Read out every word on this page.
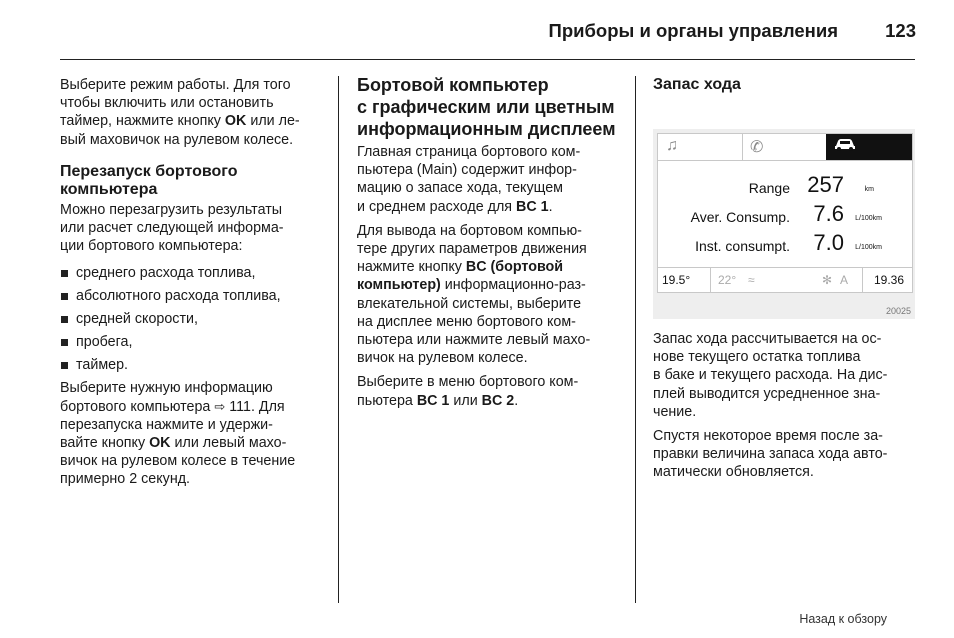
Приборы и органы управления	123

Выберите режим работы. Для того
чтобы включить или остановить
таймер, нажмите кнопку OK или ле-
вый маховичок на рулевом колесе.

Перезапуск бортового
компьютера

Можно перезагрузить результаты
или расчет следующей информа-
ции бортового компьютера:

среднего расхода топлива,
абсолютного расхода топлива,
средней скорости,
пробега,
таймер.

Выберите нужную информацию
бортового компьютера ⇨ 111. Для
перезапуска нажмите и удержи-
вайте кнопку OK или левый махо-
вичок на рулевом колесе в течение
примерно 2 секунд.

Бортовой компьютер
с графическим или цветным
информационным дисплеем

Главная страница бортового ком-
пьютера (Main) содержит инфор-
мацию о запасе хода, текущем
и среднем расходе для BC 1.

Для вывода на бортовом компью-
тере других параметров движения
нажмите кнопку BC (бортовой
компьютер) информационно-раз-
влекательной системы, выберите
на дисплее меню бортового ком-
пьютера или нажмите левый махо-
вичок на рулевом колесе.

Выберите в меню бортового ком-
пьютера BC 1 или BC 2.

Запас хода
♫	✆
Range 257	km
Aver. Consump. 7.6 L/100km
Inst. consumpt. 7.0 L/100km
19.5° 22° ≈	✻ A 19.36
20025

Запас хода рассчитывается на ос-
нове текущего остатка топлива
в баке и текущего расхода. На дис-
плей выводится усредненное зна-
чение.

Спустя некоторое время после за-
правки величина запаса хода авто-
матически обновляется.

Назад к обзору
